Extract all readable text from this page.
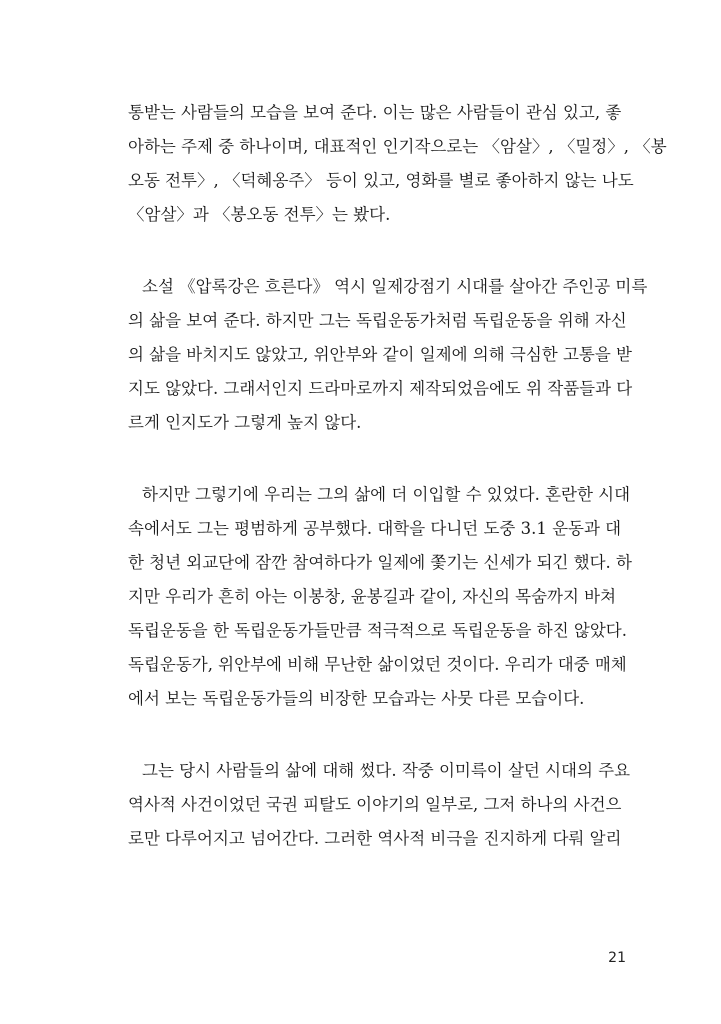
통받는 사람들의 모습을 보여 준다. 이는 많은 사람들이 관심 있고, 좋
아하는 주제 중 하나이며, 대표적인 인기작으로는 〈암살〉, 〈밀정〉, 〈봉
오동 전투〉, 〈덕혜옹주〉 등이 있고, 영화를 별로 좋아하지 않는 나도
〈암살〉과 〈봉오동 전투〉는 봤다.
소설 《압록강은 흐른다》 역시 일제강점기 시대를 살아간 주인공 미륵
의 삶을 보여 준다. 하지만 그는 독립운동가처럼 독립운동을 위해 자신
의 삶을 바치지도 않았고, 위안부와 같이 일제에 의해 극심한 고통을 받
지도 않았다. 그래서인지 드라마로까지 제작되었음에도 위 작품들과 다
르게 인지도가 그렇게 높지 않다.
하지만 그렇기에 우리는 그의 삶에 더 이입할 수 있었다. 혼란한 시대
속에서도 그는 평범하게 공부했다. 대학을 다니던 도중 3.1 운동과 대
한 청년 외교단에 잠깐 참여하다가 일제에 쫓기는 신세가 되긴 했다. 하
지만 우리가 흔히 아는 이봉창, 윤봉길과 같이, 자신의 목숨까지 바쳐
독립운동을 한 독립운동가들만큼 적극적으로 독립운동을 하진 않았다.
독립운동가, 위안부에 비해 무난한 삶이었던 것이다. 우리가 대중 매체
에서 보는 독립운동가들의 비장한 모습과는 사뭇 다른 모습이다.
그는 당시 사람들의 삶에 대해 썼다. 작중 이미륵이 살던 시대의 주요
역사적 사건이었던 국권 피탈도 이야기의 일부로, 그저 하나의 사건으
로만 다루어지고 넘어간다. 그러한 역사적 비극을 진지하게 다뤄 알리
21
